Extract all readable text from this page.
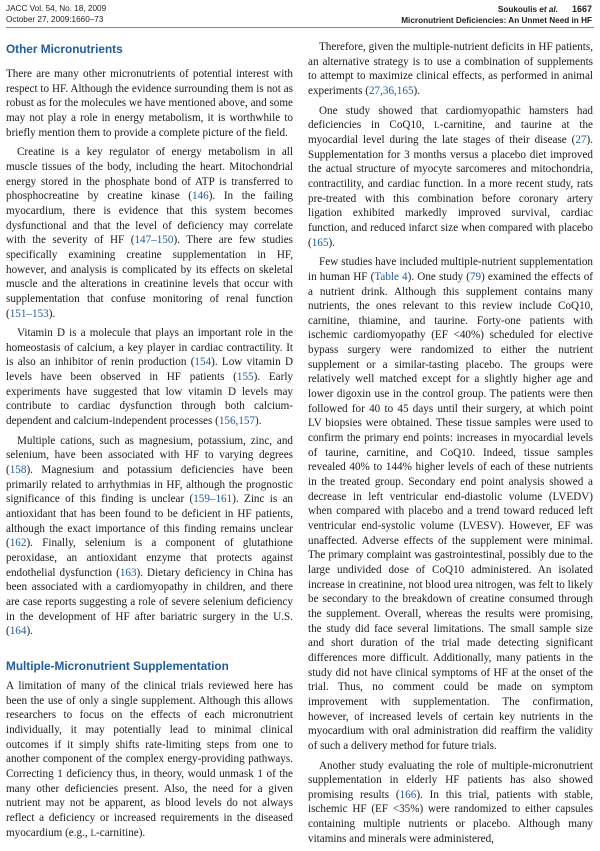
JACC Vol. 54, No. 18, 2009
October 27, 2009:1660–73
Soukoulis et al. 1667
Micronutrient Deficiencies: An Unmet Need in HF
Other Micronutrients

There are many other micronutrients of potential interest with respect to HF. Although the evidence surrounding them is not as robust as for the molecules we have mentioned above, and some may not play a role in energy metabolism, it is worthwhile to briefly mention them to provide a complete picture of the field.

Creatine is a key regulator of energy metabolism in all muscle tissues of the body, including the heart. Mitochondrial energy stored in the phosphate bond of ATP is transferred to phosphocreatine by creatine kinase (146). In the failing myocardium, there is evidence that this system becomes dysfunctional and that the level of deficiency may correlate with the severity of HF (147–150). There are few studies specifically examining creatine supplementation in HF, however, and analysis is complicated by its effects on skeletal muscle and the alterations in creatinine levels that occur with supplementation that confuse monitoring of renal function (151–153).

Vitamin D is a molecule that plays an important role in the homeostasis of calcium, a key player in cardiac contractility. It is also an inhibitor of renin production (154). Low vitamin D levels have been observed in HF patients (155). Early experiments have suggested that low vitamin D levels may contribute to cardiac dysfunction through both calcium-dependent and calcium-independent processes (156,157).

Multiple cations, such as magnesium, potassium, zinc, and selenium, have been associated with HF to varying degrees (158). Magnesium and potassium deficiencies have been primarily related to arrhythmias in HF, although the prognostic significance of this finding is unclear (159–161). Zinc is an antioxidant that has been found to be deficient in HF patients, although the exact importance of this finding remains unclear (162). Finally, selenium is a component of glutathione peroxidase, an antioxidant enzyme that protects against endothelial dysfunction (163). Dietary deficiency in China has been associated with a cardiomyopathy in children, and there are case reports suggesting a role of severe selenium deficiency in the development of HF after bariatric surgery in the U.S. (164).

Multiple-Micronutrient Supplementation

A limitation of many of the clinical trials reviewed here has been the use of only a single supplement. Although this allows researchers to focus on the effects of each micronutrient individually, it may potentially lead to minimal clinical outcomes if it simply shifts rate-limiting steps from one to another component of the complex energy-providing pathways. Correcting 1 deficiency thus, in theory, would unmask 1 of the many other deficiencies present. Also, the need for a given nutrient may not be apparent, as blood levels do not always reflect a deficiency or increased requirements in the diseased myocardium (e.g., L-carnitine).

Therefore, given the multiple-nutrient deficits in HF patients, an alternative strategy is to use a combination of supplements to attempt to maximize clinical effects, as performed in animal experiments (27,36,165).

One study showed that cardiomyopathic hamsters had deficiencies in CoQ10, L-carnitine, and taurine at the myocardial level during the late stages of their disease (27). Supplementation for 3 months versus a placebo diet improved the actual structure of myocyte sarcomeres and mitochondria, contractility, and cardiac function. In a more recent study, rats pre-treated with this combination before coronary artery ligation exhibited markedly improved survival, cardiac function, and reduced infarct size when compared with placebo (165).

Few studies have included multiple-nutrient supplementation in human HF (Table 4). One study (79) examined the effects of a nutrient drink. Although this supplement contains many nutrients, the ones relevant to this review include CoQ10, carnitine, thiamine, and taurine. Forty-one patients with ischemic cardiomyopathy (EF <40%) scheduled for elective bypass surgery were randomized to either the nutrient supplement or a similar-tasting placebo. The groups were relatively well matched except for a slightly higher age and lower digoxin use in the control group. The patients were then followed for 40 to 45 days until their surgery, at which point LV biopsies were obtained. These tissue samples were used to confirm the primary end points: increases in myocardial levels of taurine, carnitine, and CoQ10. Indeed, tissue samples revealed 40% to 144% higher levels of each of these nutrients in the treated group. Secondary end point analysis showed a decrease in left ventricular end-diastolic volume (LVEDV) when compared with placebo and a trend toward reduced left ventricular end-systolic volume (LVESV). However, EF was unaffected. Adverse effects of the supplement were minimal. The primary complaint was gastrointestinal, possibly due to the large undivided dose of CoQ10 administered. An isolated increase in creatinine, not blood urea nitrogen, was felt to likely be secondary to the breakdown of creatine consumed through the supplement. Overall, whereas the results were promising, the study did face several limitations. The small sample size and short duration of the trial made detecting significant differences more difficult. Additionally, many patients in the study did not have clinical symptoms of HF at the onset of the trial. Thus, no comment could be made on symptom improvement with supplementation. The confirmation, however, of increased levels of certain key nutrients in the myocardium with oral administration did reaffirm the validity of such a delivery method for future trials.

Another study evaluating the role of multiple-micronutrient supplementation in elderly HF patients has also showed promising results (166). In this trial, patients with stable, ischemic HF (EF <35%) were randomized to either capsules containing multiple nutrients or placebo. Although many vitamins and minerals were administered,
